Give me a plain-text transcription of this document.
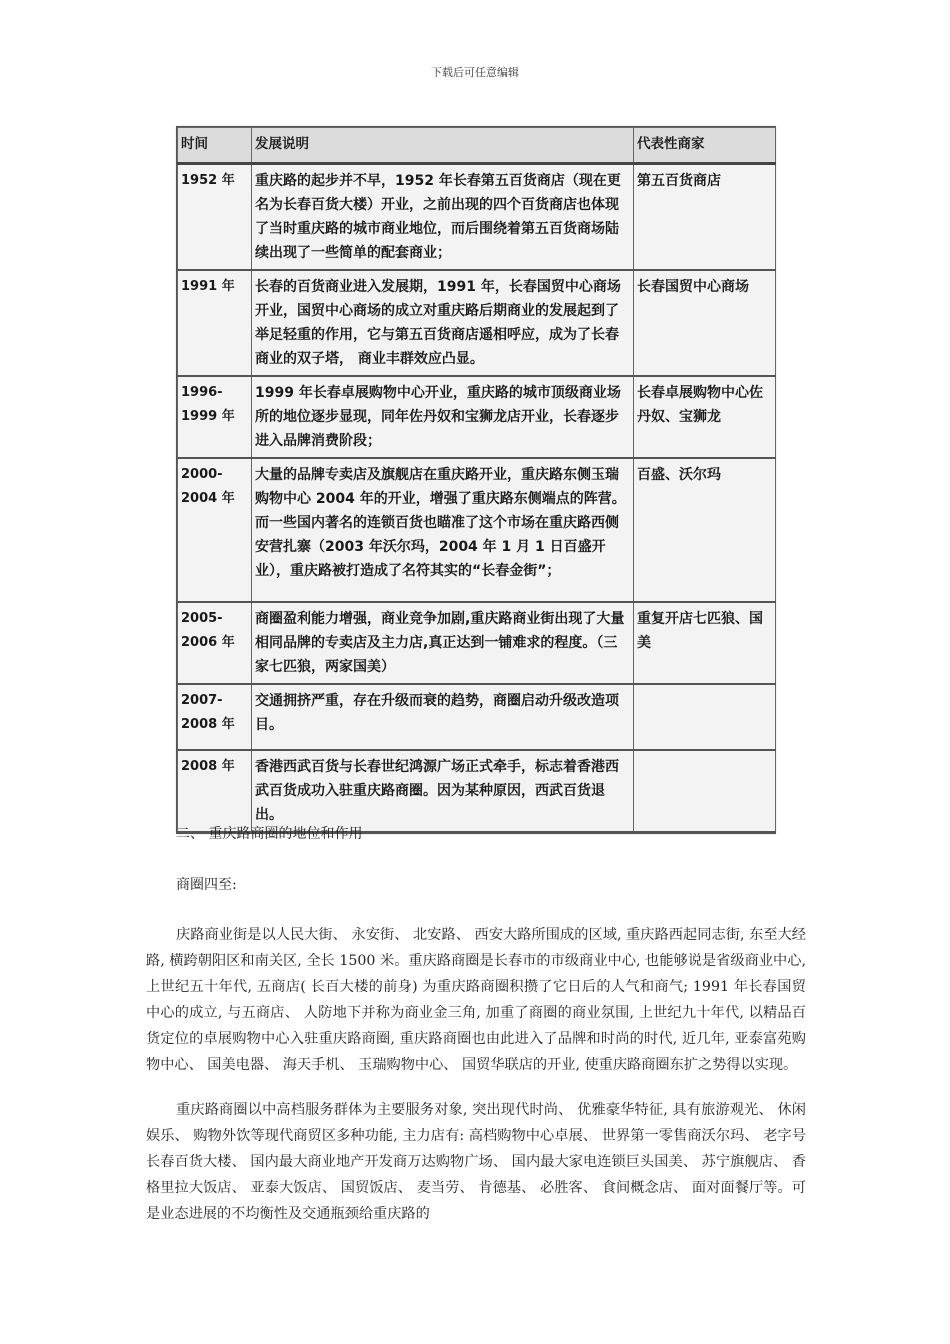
下载后可任意编辑
时间	发展说明	代表性商家
1952 年	重庆路的起步并不早，1952 年长春第五百货商店（现在更名为长春百货大楼）开业，之前出现的四个百货商店也体现了当时重庆路的城市商业地位，而后围绕着第五百货商场陆续出现了一些简单的配套商业；	第五百货商店
1991 年	长春的百货商业进入发展期，1991 年，长春国贸中心商场开业，国贸中心商场的成立对重庆路后期商业的发展起到了举足轻重的作用，它与第五百货商店遥相呼应，成为了长春商业的双子塔， 商业丰群效应凸显。	长春国贸中心商场
1996-1999 年	1999 年长春卓展购物中心开业，重庆路的城市顶级商业场所的地位逐步显现，同年佐丹奴和宝狮龙店开业，长春逐步进入品牌消费阶段；	长春卓展购物中心佐丹奴、宝狮龙
2000-2004 年	大量的品牌专卖店及旗舰店在重庆路开业，重庆路东侧玉瑞购物中心 2004 年的开业，增强了重庆路东侧端点的阵营。而一些国内著名的连锁百货也瞄准了这个市场在重庆路西侧安营扎寨（2003 年沃尔玛，2004 年 1 月 1 日百盛开业），重庆路被打造成了名符其实的“长春金街”；	百盛、沃尔玛
2005-2006 年	商圈盈利能力增强，商业竞争加剧,重庆路商业街出现了大量相同品牌的专卖店及主力店,真正达到一铺难求的程度。（三家七匹狼，两家国美）	重复开店七匹狼、国美
2007-2008 年	交通拥挤严重，存在升级而衰的趋势，商圈启动升级改造项目。	
2008 年	香港西武百货与长春世纪鸿源广场正式牵手，标志着香港西武百货成功入驻重庆路商圈。因为某种原因，西武百货退出。	
二、 重庆路商圈的地位和作用
商圈四至:
庆路商业街是以人民大街、 永安街、 北安路、 西安大路所围成的区域, 重庆路西起同志街, 东至大经路, 横跨朝阳区和南关区, 全长 1500 米。重庆路商圈是长春市的市级商业中心, 也能够说是省级商业中心, 上世纪五十年代, 五商店( 长百大楼的前身) 为重庆路商圈积攒了它日后的人气和商气; 1991 年长春国贸中心的成立, 与五商店、 人防地下并称为商业金三角, 加重了商圈的商业氛围, 上世纪九十年代, 以精品百货定位的卓展购物中心入驻重庆路商圈, 重庆路商圈也由此进入了品牌和时尚的时代, 近几年, 亚泰富苑购物中心、 国美电器、 海天手机、 玉瑞购物中心、 国贸华联店的开业, 使重庆路商圈东扩之势得以实现。
重庆路商圈以中高档服务群体为主要服务对象, 突出现代时尚、 优雅豪华特征, 具有旅游观光、 休闲娱乐、 购物外饮等现代商贸区多种功能, 主力店有: 高档购物中心卓展、 世界第一零售商沃尔玛、 老字号长春百货大楼、 国内最大商业地产开发商万达购物广场、 国内最大家电连锁巨头国美、 苏宁旗舰店、 香格里拉大饭店、 亚泰大饭店、 国贸饭店、 麦当劳、 肯德基、 必胜客、 食间概念店、 面对面餐厅等。可是业态进展的不均衡性及交通瓶颈给重庆路的
